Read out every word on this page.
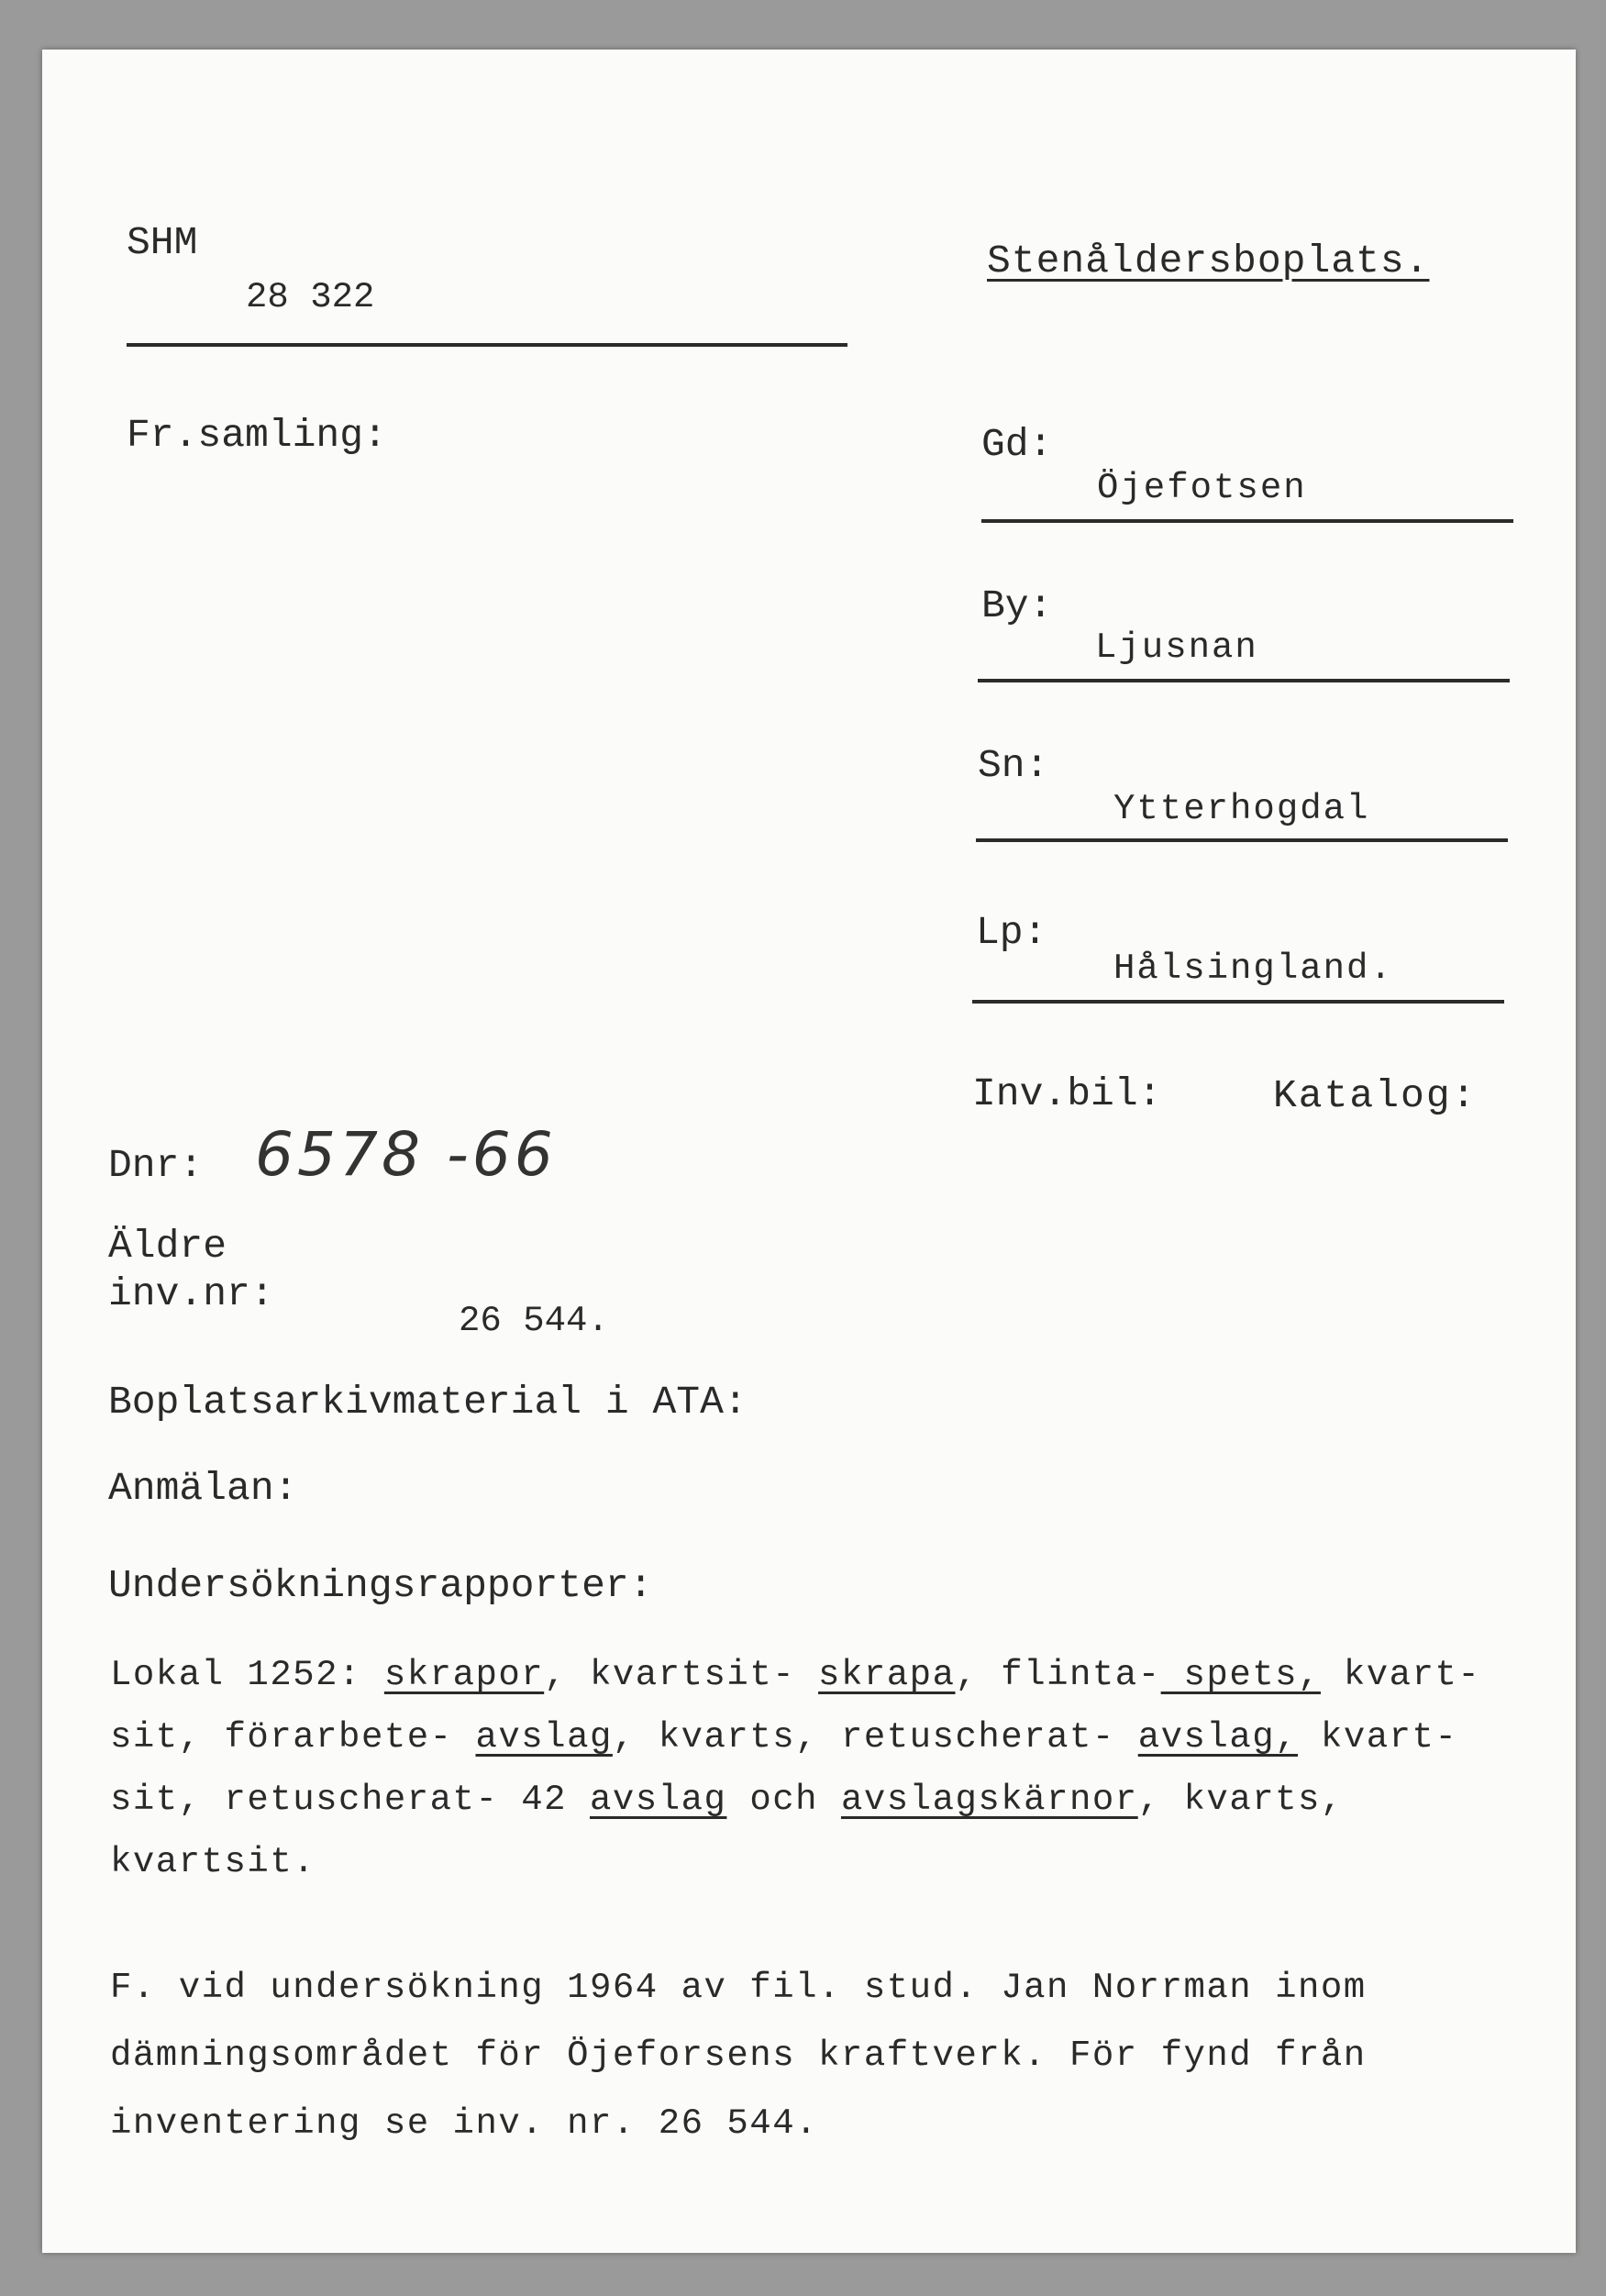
SHM
28 322
Stenåldersboplats.
Fr.samling:	Gd:
Öjefotsen
By:
Ljusnan
Sn:
Ytterhogdal
Lp:
Hålsingland.
Inv.bil:	Katalog:
Dnr: 6578 -66
Äldre
inv.nr:
26 544.
Boplatsarkivmaterial i ATA:
Anmälan:
Undersökningsrapporter:
Lokal 1252: skrapor, kvartsit- skrapa, flinta- spets, kvart-
sit, förarbete- avslag, kvarts, retuscherat- avslag, kvart-
sit, retuscherat- 42 avslag och avslagskärnor, kvarts,
kvartsit.
F. vid undersökning 1964 av fil. stud. Jan Norrman inom
dämningsområdet för Öjeforsens kraftverk. För fynd från
inventering se inv. nr. 26 544.
